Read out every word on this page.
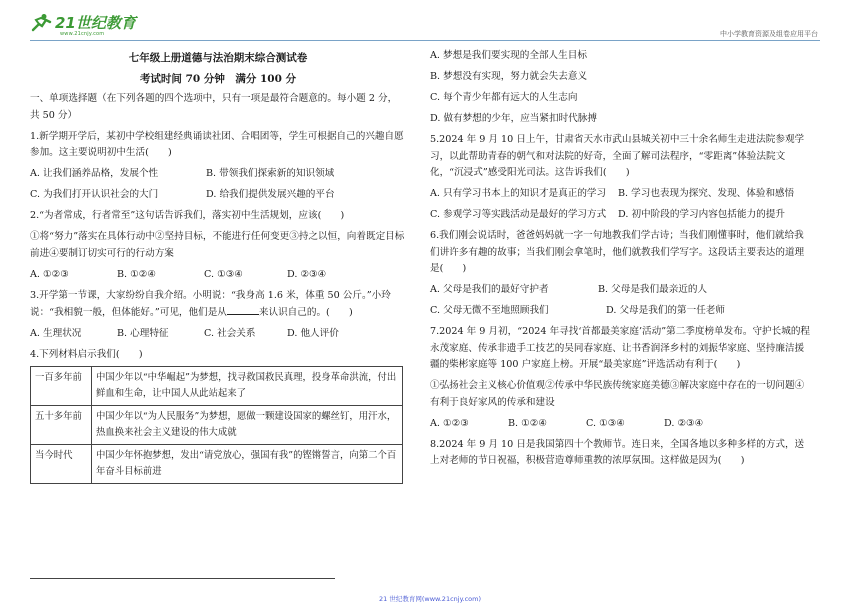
21世纪教育
www.21cnjy.com	中小学教育资源及组卷应用平台
七年级上册道德与法治期末综合测试卷
考试时间 70 分钟　满分 100 分
一、单项选择题（在下列各题的四个选项中，只有一项是最符合题意的。每小题 2 分，共 50 分）
1.新学期开学后，某初中学校组建经典诵读社团、合唱团等，学生可根据自己的兴趣自愿参加。这主要说明初中生活(　　)
A. 让我们涵养品格，发展个性	B. 带领我们探索新的知识领域
C. 为我们打开认识社会的大门	D. 给我们提供发展兴趣的平台
2.“为者常成，行者常至”这句话告诉我们，落实初中生活规划，应该(　　)
①将“努力”落实在具体行动中②坚持目标，不能进行任何变更③持之以恒，向着既定目标前进④要制订切实可行的行动方案
A. ①②③	B. ①②④	C. ①③④	D. ②③④
3.开学第一节课，大家纷纷自我介绍。小明说：“我身高 1.6 米，体重 50 公斤。”小玲说：“我相貌一般，但体能好。”可见，他们是从	来认识自己的。(　　)
A. 生理状况	B. 心理特征	C. 社会关系	D. 他人评价
4.下列材料启示我们(　　)
一百多年前	中国少年以“中华崛起”为梦想，找寻救国救民真理，投身革命洪流，付出鲜血和生命，让中国人从此站起来了
五十多年前	中国少年以“为人民服务”为梦想，愿做一颗建设国家的螺丝钉，用汗水，热血换来社会主义建设的伟大成就
当今时代	中国少年怀抱梦想，发出“请党放心，强国有我”的铿锵誓言，向第二个百年奋斗目标前进
A. 梦想是我们要实现的全部人生目标
B. 梦想没有实现，努力就会失去意义
C. 每个青少年都有远大的人生志向
D. 做有梦想的少年，应当紧扣时代脉搏
5.2024 年 9 月 10 日上午，甘肃省天水市武山县城关初中三十余名师生走进法院参观学习，以此帮助青春的朝气和对法院的好奇，全面了解司法程序，“零距离”体验法院文化，“沉浸式”感受阳光司法。这告诉我们(　　)
A. 只有学习书本上的知识才是真正的学习	B. 学习也表现为探究、发现、体验和感悟
C. 参观学习等实践活动是最好的学习方式	D. 初中阶段的学习内容包括能力的提升
6.我们刚会说话时，爸爸妈妈就一字一句地教我们学古诗；当我们刚懂事时，他们就给我们讲许多有趣的故事；当我们刚会拿笔时，他们就教我们学写字。这段话主要表达的道理是(　　)
A. 父母是我们的最好守护者	B. 父母是我们最亲近的人
C. 父母无微不至地照顾我们	D. 父母是我们的第一任老师
7.2024 年 9 月初，“2024 年寻找‘首都最美家庭’活动”第二季度榜单发布。守护长城的程永茂家庭、传承非遗手工技艺的吴同春家庭、让书香润泽乡村的刘振华家庭、坚持廉洁援疆的柴彬家庭等 100 户家庭上榜。开展“最美家庭”评选活动有利于(　　)
①弘扬社会主义核心价值观②传承中华民族传统家庭美德③解决家庭中存在的一切问题④有利于良好家风的传承和建设
A. ①②③	B. ①②④	C. ①③④	D. ②③④
8.2024 年 9 月 10 日是我国第四十个教师节。连日来，全国各地以多种多样的方式，送上对老师的节日祝福，积极营造尊师重教的浓厚氛围。这样做是因为(　　)
21 世纪教育网(www.21cnjy.com)
